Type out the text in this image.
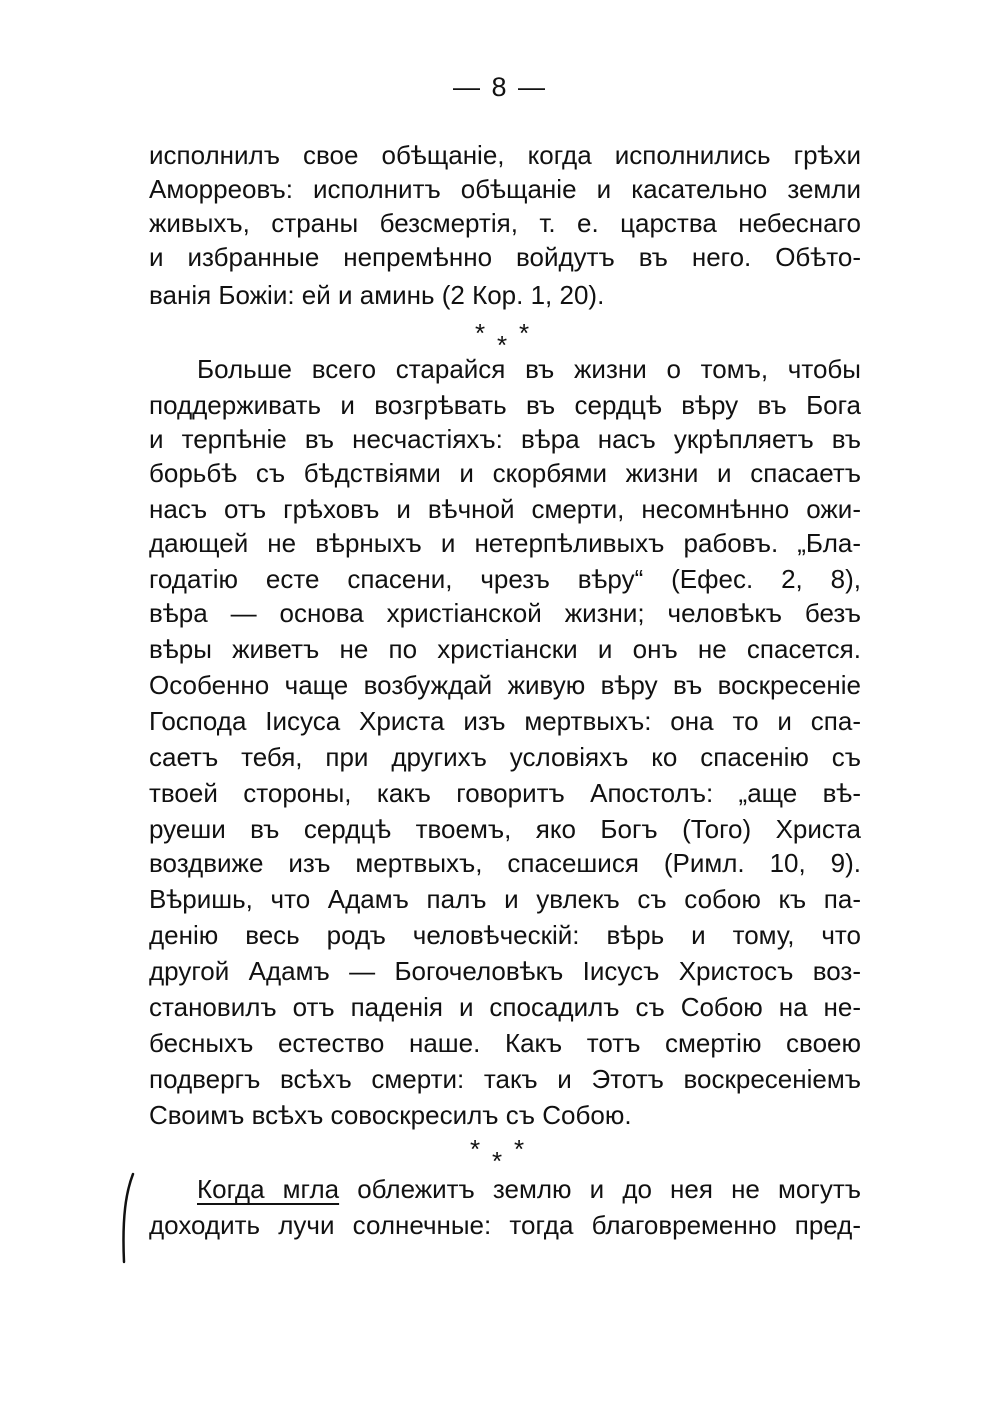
— 8 —
исполнилъ свое обѣщаніе, когда исполнились грѣхи
Аморреовъ: исполнитъ обѣщаніе и касательно земли
живыхъ, страны безсмертія, т. е. царства небеснаго
и избранные непремѣнно войдутъ въ него. Обѣто-
ванія Божіи: ей и аминь (2 Кор. 1, 20).
* * *
Больше всего старайся въ жизни о томъ, чтобы
поддерживать и возгрѣвать въ сердцѣ вѣру въ Бога
и терпѣніе въ несчастіяхъ: вѣра насъ укрѣпляетъ въ
борьбѣ съ бѣдствіями и скорбями жизни и спасаетъ
насъ отъ грѣховъ и вѣчной смерти, несомнѣнно ожи-
дающей не вѣрныхъ и нетерпѣливыхъ рабовъ. „Бла-
годатію есте спасени, чрезъ вѣру“ (Ефес. 2, 8),
вѣра — основа христіанской жизни; человѣкъ безъ
вѣры живетъ не по христіански и онъ не спасется.
Особенно чаще возбуждай живую вѣру въ воскресеніе
Господа Іисуса Христа изъ мертвыхъ: она то и спа-
саетъ тебя, при другихъ условіяхъ ко спасенію съ
твоей стороны, какъ говоритъ Апостолъ: „аще вѣ-
руеши въ сердцѣ твоемъ, яко Богъ (Того) Христа
воздвиже изъ мертвыхъ, спасешися (Римл. 10, 9).
Вѣришь, что Адамъ палъ и увлекъ съ собою къ па-
денію весь родъ человѣческій: вѣрь и тому, что
другой Адамъ — Богочеловѣкъ Іисусъ Христосъ воз-
становилъ отъ паденія и спосадилъ съ Собою на не-
бесныхъ естество наше. Какъ тотъ смертію своею
подвергъ всѣхъ смерти: такъ и Этотъ воскресеніемъ
Своимъ всѣхъ совоскресилъ съ Собою.
* * *
Когда мгла облежитъ землю и до нея не могутъ
доходить лучи солнечные: тогда благовременно пред-
